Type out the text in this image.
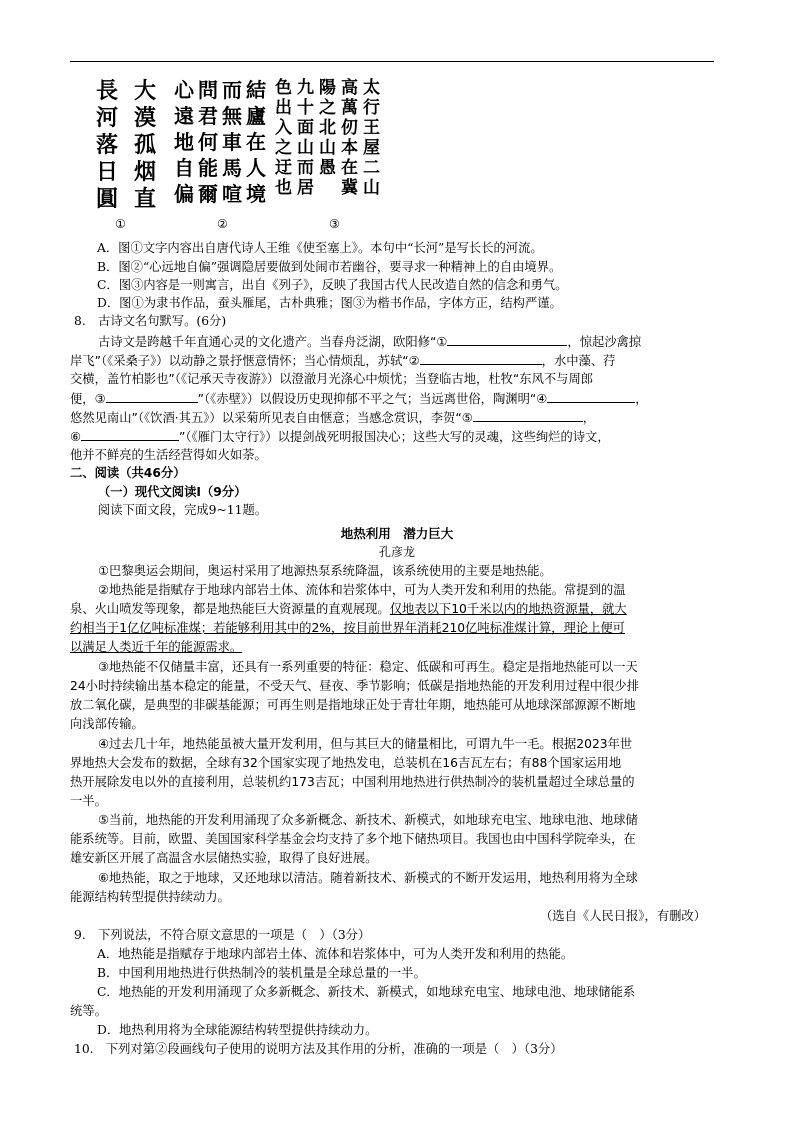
大
漠
孤
烟
直
長
河
落
日
圓
結
廬
在
人
境
而
無
車
馬
喧
問
君
何
能
爾
心
遠
地
自
偏
太
行
王
屋
二
山
高
萬
仞
本
在
冀
陽
之
北
山
愚
九
十
面
山
而
居
色
出
入
之
迂
也
①	②	③
A．图①文字内容出自唐代诗人王维《使至塞上》。本句中“长河”是写长长的河流。
B．图②“心远地自偏”强调隐居要做到处闹市若幽谷，要寻求一种精神上的自由境界。
C．图③内容是一则寓言，出自《列子》，反映了我国古代人民改造自然的信念和勇气。
D．图①为隶书作品，蚕头雁尾，古朴典雅；图③为楷书作品，字体方正，结构严谨。
8.　古诗文名句默写。(6分)
古诗文是跨越千年直通心灵的文化遗产。当春舟泛湖，欧阳修“①	，惊起沙禽掠
岸飞”（《采桑子》）以动静之景抒惬意情怀；当心情烦乱，苏轼“②	，水中藻、荇
交横，盖竹柏影也”（《记承天寺夜游》）以澄澈月光涤心中烦忧；当登临古地，杜牧“东风不与周郎
便，③	”（《赤壁》）以假设历史现抑郁不平之气；当远离世俗，陶渊明“④	，
悠然见南山”（《饮酒·其五》）以采菊所见表自由惬意；当感念赏识，李贺“⑤	，
⑥	”（《雁门太守行》）以提剑战死明报国决心；这些大写的灵魂，这些绚烂的诗文，
他并不鲜亮的生活经营得如火如荼。
二、阅读（共46分）
（一）现代文阅读Ⅰ（9分）
阅读下面文段，完成9~11题。
地热利用　潜力巨大
孔彦龙
①巴黎奥运会期间，奥运村采用了地源热泵系统降温，该系统使用的主要是地热能。
②地热能是指赋存于地球内部岩土体、流体和岩浆体中，可为人类开发和利用的热能。常提到的温
泉、火山喷发等现象，都是地热能巨大资源量的直观展现。仅地表以下10千米以内的地热资源量，就大
约相当于1亿亿吨标准煤；若能够利用其中的2%，按目前世界年消耗210亿吨标准煤计算，理论上便可
以满足人类近千年的能源需求。
③地热能不仅储量丰富，还具有一系列重要的特征：稳定、低碳和可再生。稳定是指地热能可以一天
24小时持续输出基本稳定的能量，不受天气、昼夜、季节影响；低碳是指地热能的开发利用过程中很少排
放二氧化碳，是典型的非碳基能源；可再生则是指地球正处于青壮年期，地热能可从地球深部源源不断地
向浅部传输。
④过去几十年，地热能虽被大量开发利用，但与其巨大的储量相比，可谓九牛一毛。根据2023年世
界地热大会发布的数据，全球有32个国家实现了地热发电，总装机在16吉瓦左右；有88个国家运用地
热开展除发电以外的直接利用，总装机约173吉瓦；中国利用地热进行供热制冷的装机量超过全球总量的
一半。
⑤当前，地热能的开发利用涌现了众多新概念、新技术、新模式，如地球充电宝、地球电池、地球储
能系统等。目前，欧盟、美国国家科学基金会均支持了多个地下储热项目。我国也由中国科学院牵头，在
雄安新区开展了高温含水层储热实验，取得了良好进展。
⑥地热能，取之于地球，又还地球以清洁。随着新技术、新模式的不断开发运用，地热利用将为全球
能源结构转型提供持续动力。
（选自《人民日报》，有删改）
9.　下列说法，不符合原文意思的一项是（　）（3分）
A．地热能是指赋存于地球内部岩土体、流体和岩浆体中，可为人类开发和利用的热能。
B．中国利用地热进行供热制冷的装机量是全球总量的一半。
C．地热能的开发利用涌现了众多新概念、新技术、新模式，如地球充电宝、地球电池、地球储能系
统等。
D．地热利用将为全球能源结构转型提供持续动力。
10.　下列对第②段画线句子使用的说明方法及其作用的分析，准确的一项是（　）（3分）
